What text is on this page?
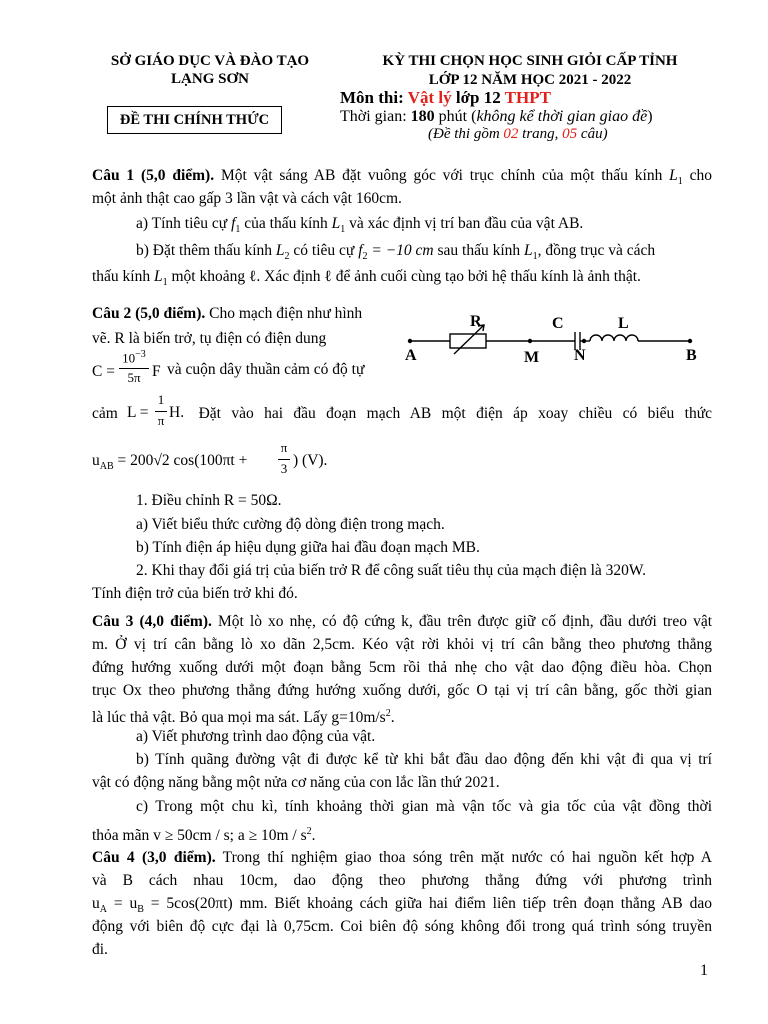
SỞ GIÁO DỤC VÀ ĐÀO TẠO
LẠNG SƠN
ĐỀ THI CHÍNH THỨC
KỲ THI CHỌN HỌC SINH GIỎI CẤP TỈNH
LỚP 12 NĂM HỌC 2021 - 2022
Môn thi: Vật lý lớp 12 THPT
Thời gian: 180 phút (không kể thời gian giao đề)
(Đề thi gồm 02 trang, 05 câu)
Câu 1 (5,0 điểm). Một vật sáng AB đặt vuông góc với trục chính của một thấu kính $L_1$ cho
một ảnh thật cao gấp 3 lần vật và cách vật 160cm.
a) Tính tiêu cự $f_1$ của thấu kính $L_1$ và xác định vị trí ban đầu của vật AB.
b) Đặt thêm thấu kính $L_2$ có tiêu cự $f_2 = -10$ cm sau thấu kính $L_1$, đồng trục và cách
thấu kính $L_1$ một khoảng ℓ. Xác định ℓ để ảnh cuối cùng tạo bởi hệ thấu kính là ảnh thật.
Câu 2 (5,0 điểm). Cho mạch điện như hình
vẽ. R là biến trở, tụ điện có điện dung
C =
$10^{-3}$
5π F và cuộn dây thuần cảm có độ tự
cảm	Đặt vào hai đầu đoạn mạch AB một điện áp xoay chiều có biểu thức
L =
1
π H.
$u_{AB} = 200√2$ cos(100πt +
π
3 ) (V).
1. Điều chỉnh R = 50Ω.
a) Viết biểu thức cường độ dòng điện trong mạch.
b) Tính điện áp hiệu dụng giữa hai đầu đoạn mạch MB.
2. Khi thay đổi giá trị của biến trở R để công suất tiêu thụ của mạch điện là 320W.
Tính điện trở của biến trở khi đó.
R	C	L
A	M N	B
Câu 3 (4,0 điểm). Một lò xo nhẹ, có độ cứng k, đầu trên được giữ cố định, đầu dưới treo vật
m. Ở vị trí cân bằng lò xo dãn 2,5cm. Kéo vật rời khỏi vị trí cân bằng theo phương thẳng
đứng hướng xuống dưới một đoạn bằng 5cm rồi thả nhẹ cho vật dao động điều hòa. Chọn
trục Ox theo phương thẳng đứng hướng xuống dưới, gốc O tại vị trí cân bằng, gốc thời gian
là lúc thả vật. Bỏ qua mọi ma sát. Lấy $g=10m/s^2$.
a) Viết phương trình dao động của vật.
b) Tính quãng đường vật đi được kể từ khi bắt đầu dao động đến khi vật đi qua vị trí
vật có động năng bằng một nửa cơ năng của con lắc lần thứ 2021.
c) Trong một chu kì, tính khoảng thời gian mà vận tốc và gia tốc của vật đồng thời
thỏa mãn v ≥ 50cm / s; $a \ge 10m / s^2$.
Câu 4 (3,0 điểm). Trong thí nghiệm giao thoa sóng trên mặt nước có hai nguồn kết hợp A
và B cách nhau 10cm, dao động theo phương thẳng đứng với phương trình
$u_A = u_B = 5\cos(20\pi t)$ mm. Biết khoảng cách giữa hai điểm liên tiếp trên đoạn thẳng AB dao
động với biên độ cực đại là 0,75cm. Coi biên độ sóng không đổi trong quá trình sóng truyền
đi.
1
